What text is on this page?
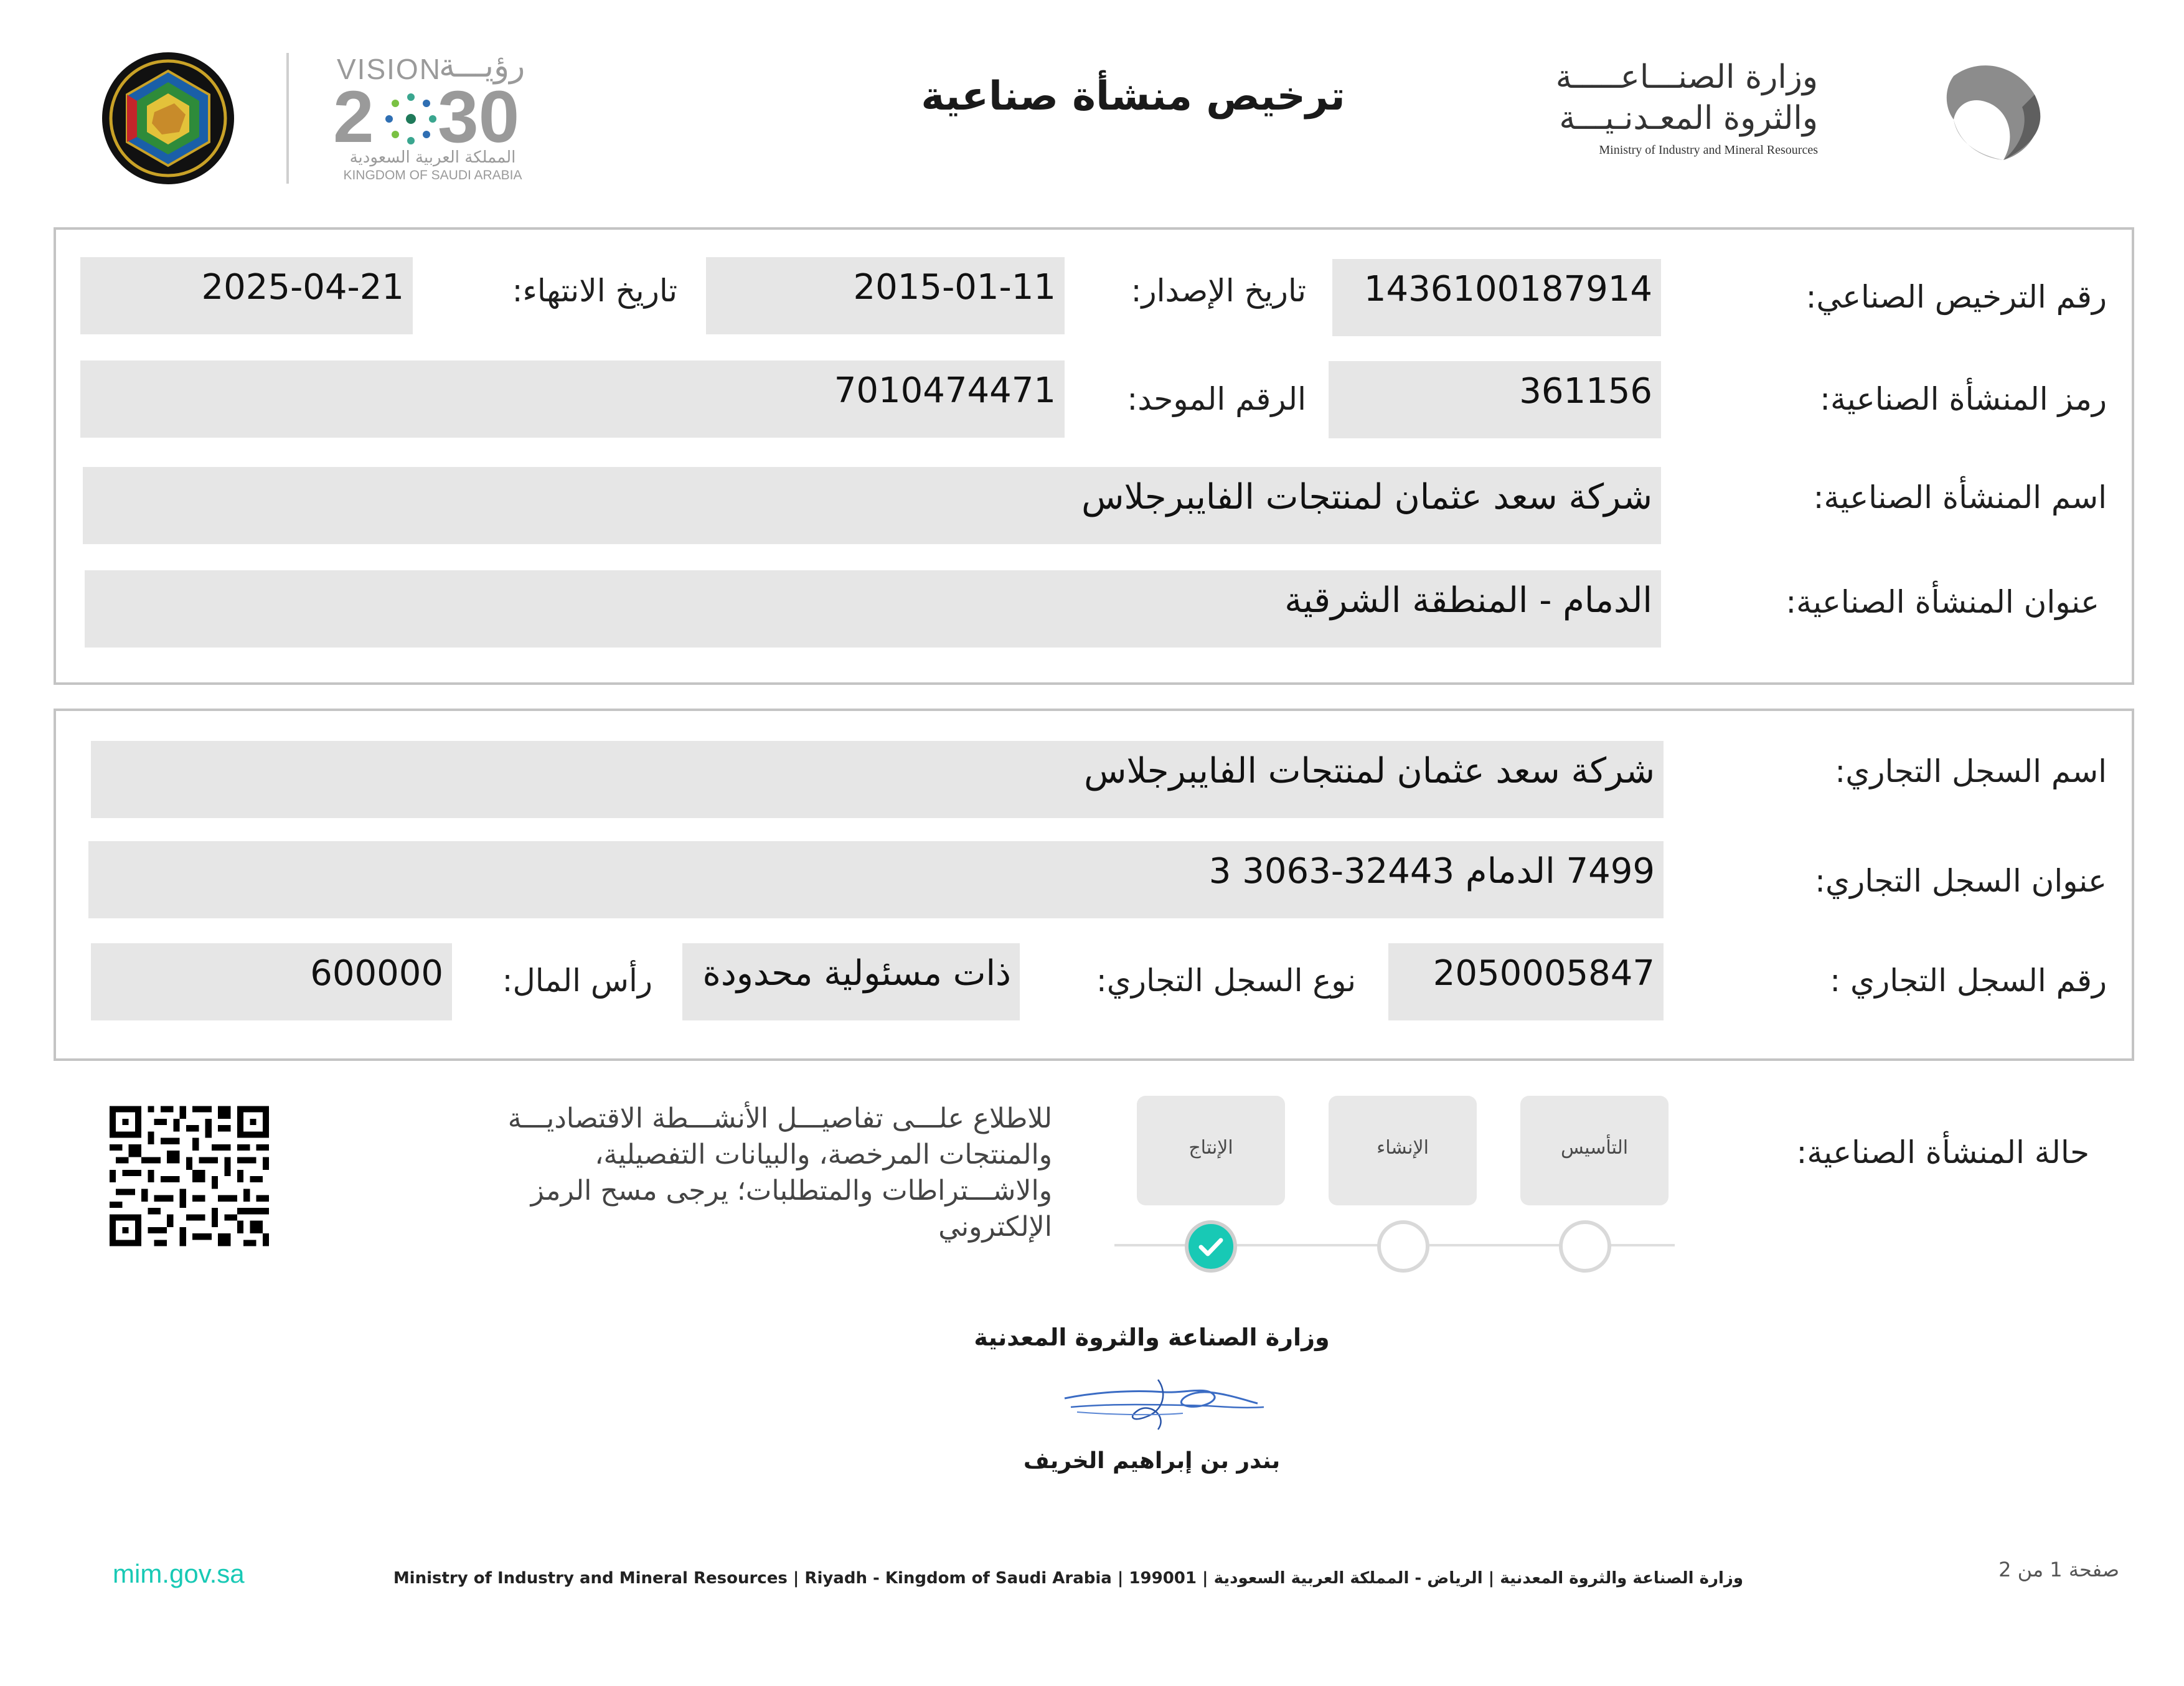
VISION
رؤيـــة
2 30
المملكة العربية السعودية
KINGDOM OF SAUDI ARABIA
ترخيص منشأة صناعية	وزارة الصنـــاعـــــة
والثروة المعـدنـيـــة
Ministry of Industry and Mineral Resources
رقم الترخيص الصناعي:
1436100187914
تاريخ الإصدار:
2015-01-11
تاريخ الانتهاء:
2025-04-21
رمز المنشأة الصناعية:
361156
الرقم الموحد:
7010474471
اسم المنشأة الصناعية:
شركة سعد عثمان لمنتجات الفايبرجلاس
عنوان المنشأة الصناعية:
الدمام - المنطقة الشرقية
اسم السجل التجاري:
شركة سعد عثمان لمنتجات الفايبرجلاس
عنوان السجل التجاري:
7499 الدمام 32443-3063 3
رقم السجل التجاري :
2050005847
نوع السجل التجاري:
ذات مسئولية محدودة
رأس المال:
600000
حالة المنشأة الصناعية:
التأسيس
الإنشاء
الإنتاج
للاطلاع علـــى تفاصيـــل الأنشـــطة الاقتصاديـــة
والمنتجات المرخصة، والبيانات التفصيلية،
والاشـــتراطات والمتطلبات؛ يرجى مسح الرمز
الإلكتروني
وزارة الصناعة والثروة المعدنية
بندر بن إبراهيم الخريف
mim.gov.sa	وزارة الصناعة والثروة المعدنية | الرياض - المملكة العربية السعودية | 199001 | Ministry of Industry and Mineral Resources | Riyadh - Kingdom of Saudi Arabia	صفحة 1 من 2
